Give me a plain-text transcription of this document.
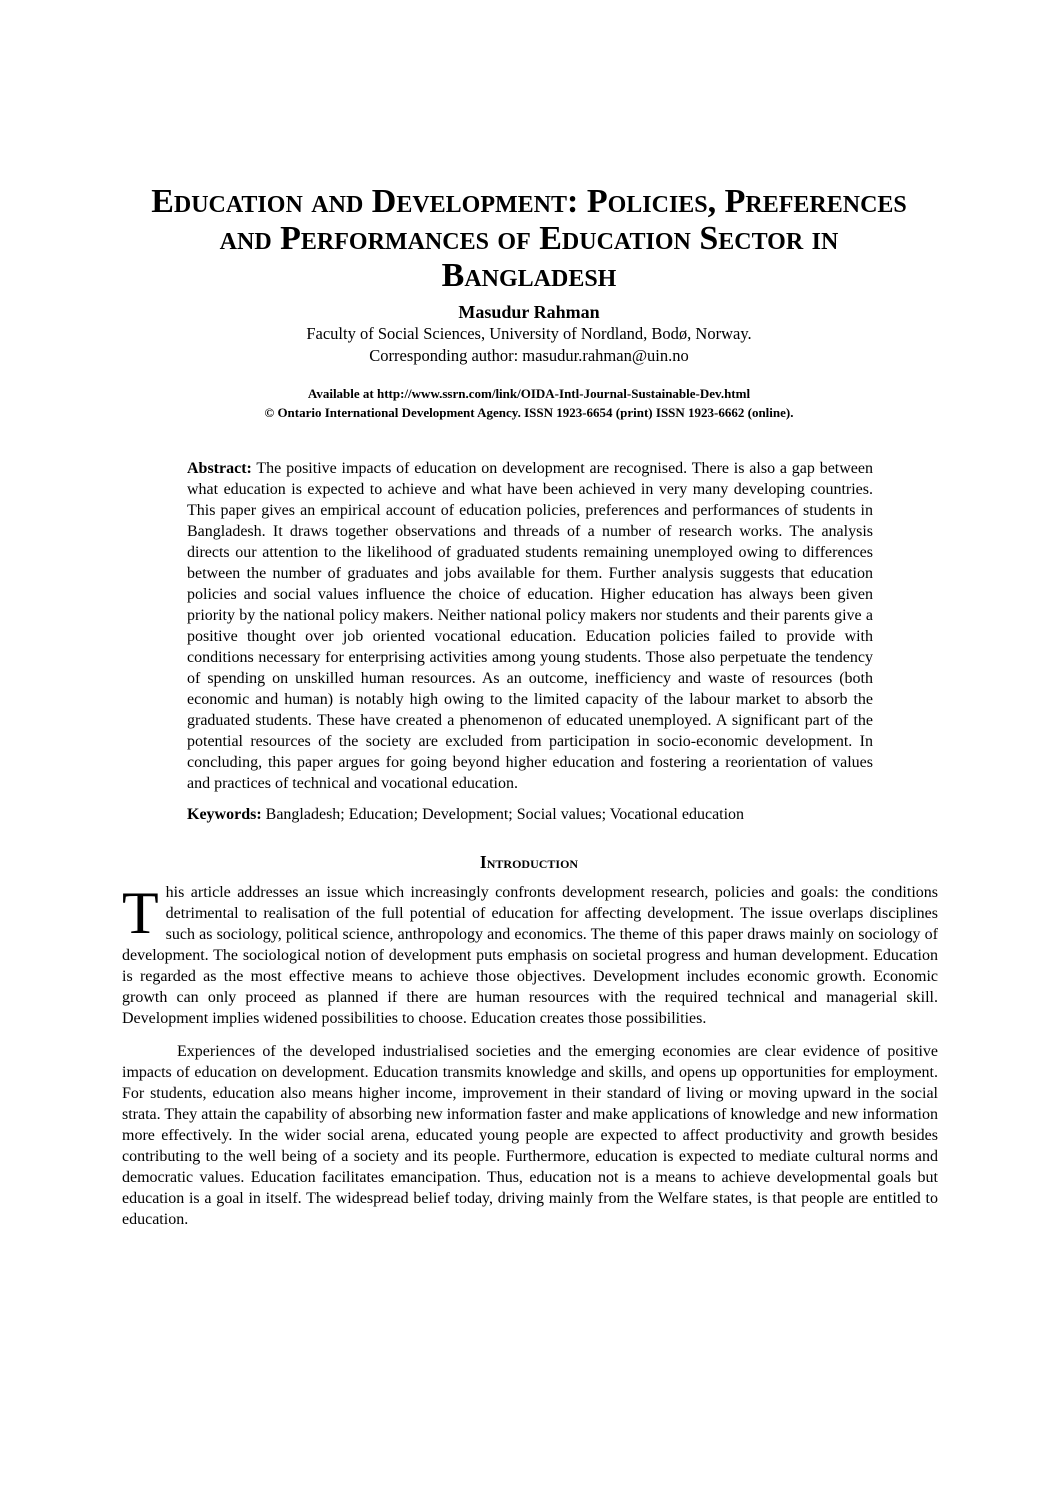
Education and Development: Policies, Preferences
and Performances of Education Sector in
Bangladesh
Masudur Rahman
Faculty of Social Sciences, University of Nordland, Bodø, Norway.
Corresponding author: masudur.rahman@uin.no
Available at http://www.ssrn.com/link/OIDA-Intl-Journal-Sustainable-Dev.html
© Ontario International Development Agency. ISSN 1923-6654 (print) ISSN 1923-6662 (online).
Abstract: The positive impacts of education on development are recognised. There is also a gap between what education is expected to achieve and what have been achieved in very many developing countries. This paper gives an empirical account of education policies, preferences and performances of students in Bangladesh. It draws together observations and threads of a number of research works. The analysis directs our attention to the likelihood of graduated students remaining unemployed owing to differences between the number of graduates and jobs available for them. Further analysis suggests that education policies and social values influence the choice of education. Higher education has always been given priority by the national policy makers. Neither national policy makers nor students and their parents give a positive thought over job oriented vocational education. Education policies failed to provide with conditions necessary for enterprising activities among young students. Those also perpetuate the tendency of spending on unskilled human resources. As an outcome, inefficiency and waste of resources (both economic and human) is notably high owing to the limited capacity of the labour market to absorb the graduated students. These have created a phenomenon of educated unemployed. A significant part of the potential resources of the society are excluded from participation in socio-economic development. In concluding, this paper argues for going beyond higher education and fostering a reorientation of values and practices of technical and vocational education.
Keywords: Bangladesh; Education; Development; Social values; Vocational education
Introduction
This article addresses an issue which increasingly confronts development research, policies and goals: the conditions detrimental to realisation of the full potential of education for affecting development. The issue overlaps disciplines such as sociology, political science, anthropology and economics. The theme of this paper draws mainly on sociology of development. The sociological notion of development puts emphasis on societal progress and human development. Education is regarded as the most effective means to achieve those objectives. Development includes economic growth. Economic growth can only proceed as planned if there are human resources with the required technical and managerial skill. Development implies widened possibilities to choose. Education creates those possibilities.
Experiences of the developed industrialised societies and the emerging economies are clear evidence of positive impacts of education on development. Education transmits knowledge and skills, and opens up opportunities for employment. For students, education also means higher income, improvement in their standard of living or moving upward in the social strata. They attain the capability of absorbing new information faster and make applications of knowledge and new information more effectively. In the wider social arena, educated young people are expected to affect productivity and growth besides contributing to the well being of a society and its people. Furthermore, education is expected to mediate cultural norms and democratic values. Education facilitates emancipation. Thus, education not is a means to achieve developmental goals but education is a goal in itself. The widespread belief today, driving mainly from the Welfare states, is that people are entitled to education.
